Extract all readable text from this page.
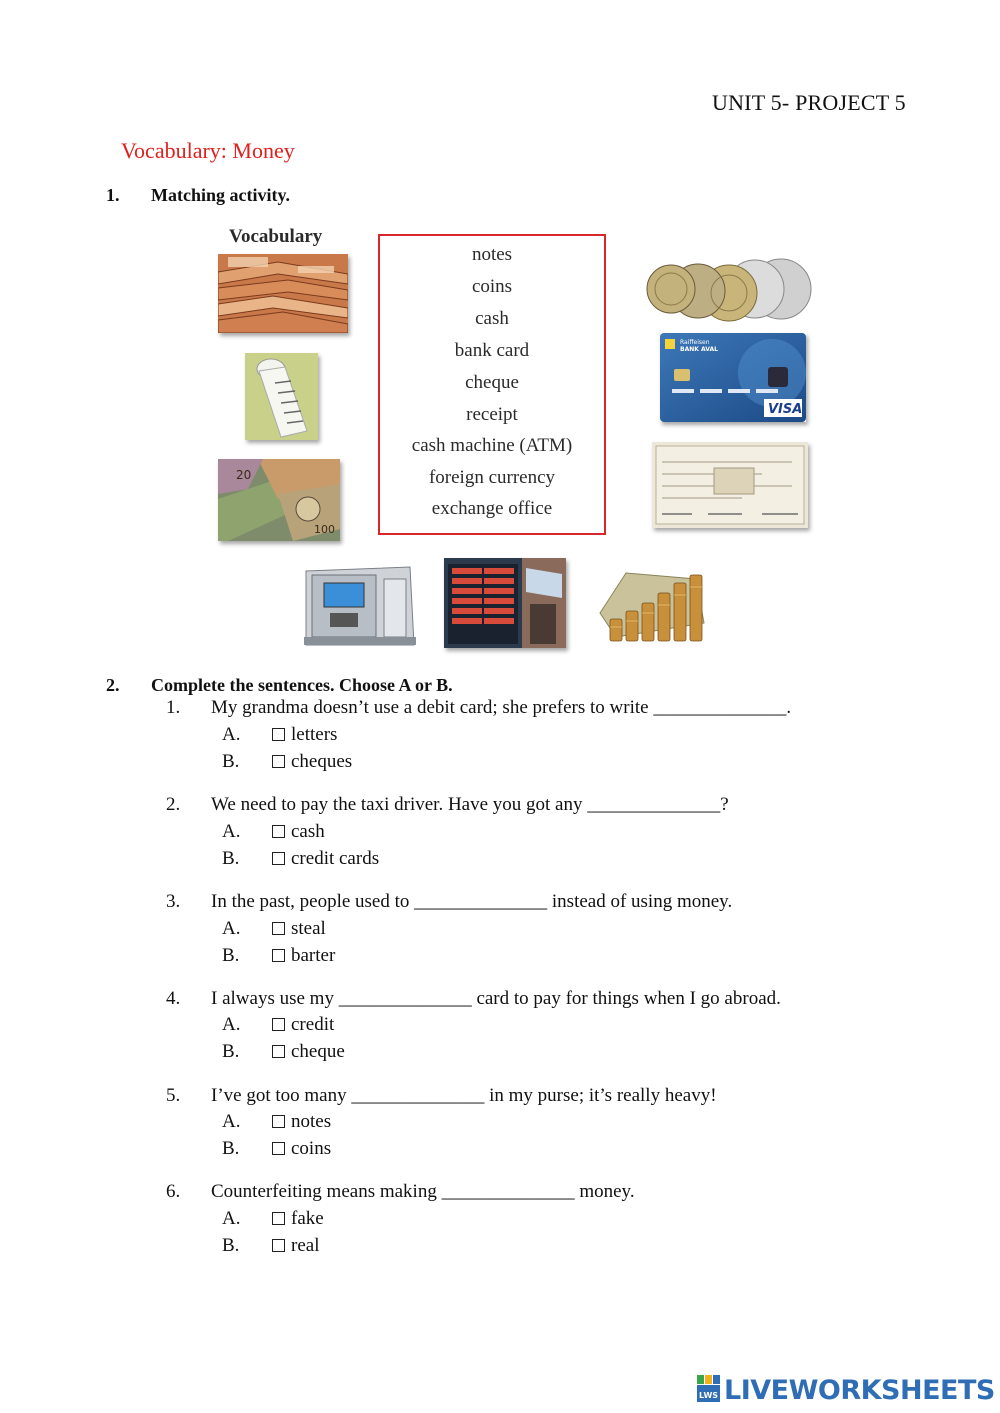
UNIT 5- PROJECT 5
Vocabulary: Money
1. Matching activity.
Vocabulary
notes
coins
cash
bank card
cheque
receipt
cash machine (ATM)
foreign currency
exchange office
20
100
Raiffeisen
BANK AVAL
VISA
2. Complete the sentences. Choose A or B.
1. My grandma doesn’t use a debit card; she prefers to write ______________.
A.	letters
B.	cheques
2. We need to pay the taxi driver. Have you got any ______________?
A.	cash
B.	credit cards
3. In the past, people used to ______________ instead of using money.
A.	steal
B.	barter
4. I always use my ______________ card to pay for things when I go abroad.
A.	credit
B.	cheque
5. I’ve got too many ______________ in my purse; it’s really heavy!
A.	notes
B.	coins
6. Counterfeiting means making ______________ money.
A.	fake
B.	real
LWS LIVEWORKSHEETS
